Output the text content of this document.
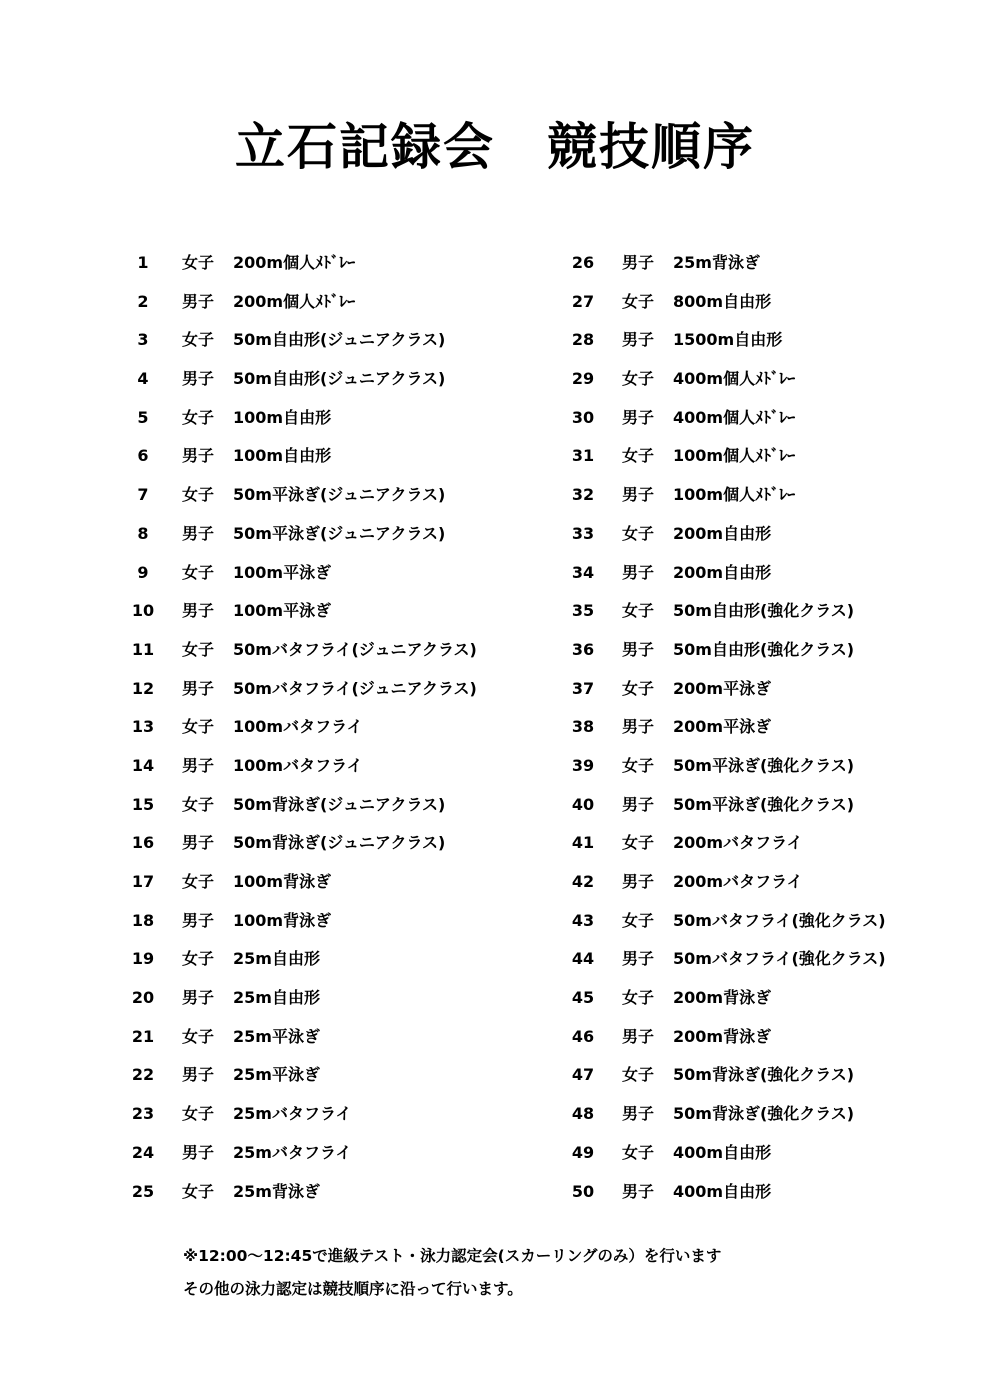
立石記録会　競技順序
1	女子 200m個人ﾒﾄﾞﾚｰ
2	男子 200m個人ﾒﾄﾞﾚｰ
3	女子 50m自由形(ジュニアクラス)
4	男子 50m自由形(ジュニアクラス)
5	女子 100m自由形
6	男子 100m自由形
7	女子 50m平泳ぎ(ジュニアクラス)
8	男子 50m平泳ぎ(ジュニアクラス)
9	女子 100m平泳ぎ
10	男子 100m平泳ぎ
11	女子 50mバタフライ(ジュニアクラス)
12	男子 50mバタフライ(ジュニアクラス)
13	女子 100mバタフライ
14	男子 100mバタフライ
15	女子 50m背泳ぎ(ジュニアクラス)
16	男子 50m背泳ぎ(ジュニアクラス)
17	女子 100m背泳ぎ
18	男子 100m背泳ぎ
19	女子 25m自由形
20	男子 25m自由形
21	女子 25m平泳ぎ
22	男子 25m平泳ぎ
23	女子 25mバタフライ
24	男子 25mバタフライ
25	女子 25m背泳ぎ
26	男子 25m背泳ぎ
27	女子 800m自由形
28	男子 1500m自由形
29	女子 400m個人ﾒﾄﾞﾚｰ
30	男子 400m個人ﾒﾄﾞﾚｰ
31	女子 100m個人ﾒﾄﾞﾚｰ
32	男子 100m個人ﾒﾄﾞﾚｰ
33	女子 200m自由形
34	男子 200m自由形
35	女子 50m自由形(強化クラス)
36	男子 50m自由形(強化クラス)
37	女子 200m平泳ぎ
38	男子 200m平泳ぎ
39	女子 50m平泳ぎ(強化クラス)
40	男子 50m平泳ぎ(強化クラス)
41	女子 200mバタフライ
42	男子 200mバタフライ
43	女子 50mバタフライ(強化クラス)
44	男子 50mバタフライ(強化クラス)
45	女子 200m背泳ぎ
46	男子 200m背泳ぎ
47	女子 50m背泳ぎ(強化クラス)
48	男子 50m背泳ぎ(強化クラス)
49	女子 400m自由形
50	男子 400m自由形
※12:00～12:45で進級テスト・泳力認定会(スカーリングのみ）を行います
その他の泳力認定は競技順序に沿って行います。
